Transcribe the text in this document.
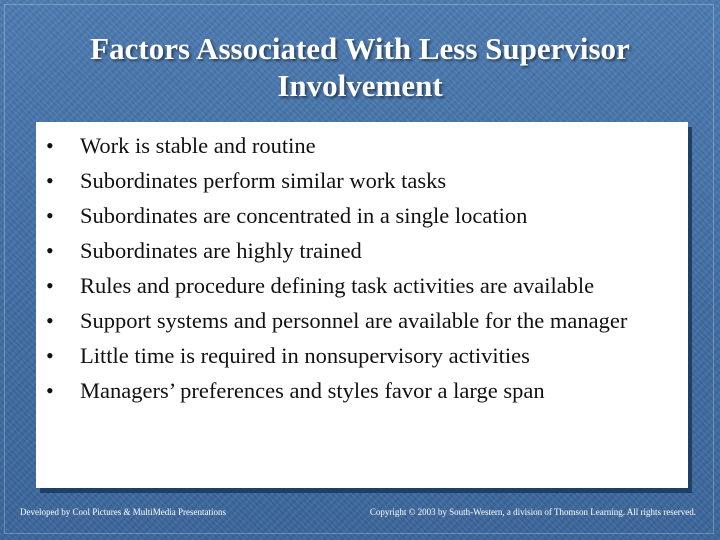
Factors Associated With Less Supervisor
Involvement
• Work is stable and routine
• Subordinates perform similar work tasks
• Subordinates are concentrated in a single location
• Subordinates are highly trained
• Rules and procedure defining task activities are available
• Support systems and personnel are available for the manager
• Little time is required in nonsupervisory activities
• Managers’ preferences and styles favor a large span
Developed by Cool Pictures & MultiMedia Presentations	Copyright © 2003 by South-Western, a division of Thomson Learning. All rights reserved.
